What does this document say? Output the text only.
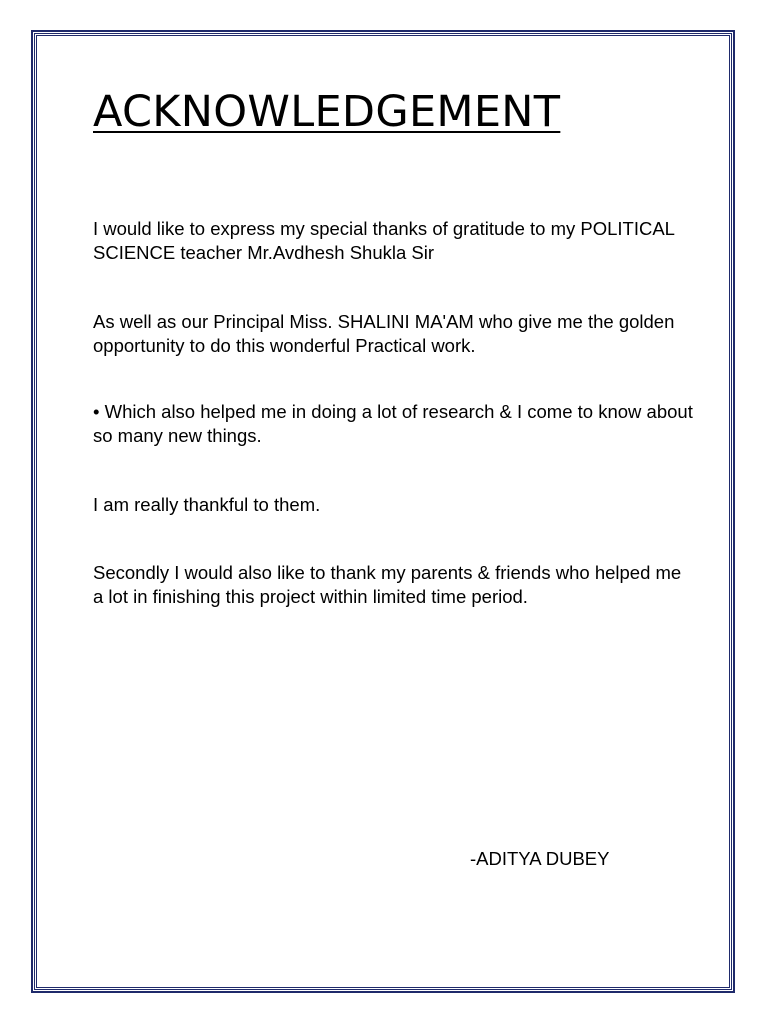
ACKNOWLEDGEMENT

I would like to express my special thanks of gratitude to my POLITICAL SCIENCE teacher Mr.Avdhesh Shukla Sir

As well as our Principal Miss. SHALINI MA'AM who give me the golden opportunity to do this wonderful Practical work.

• Which also helped me in doing a lot of research & I come to know about so many new things.

I am really thankful to them.

Secondly I would also like to thank my parents & friends who helped me a lot in finishing this project within limited time period.

-ADITYA DUBEY
